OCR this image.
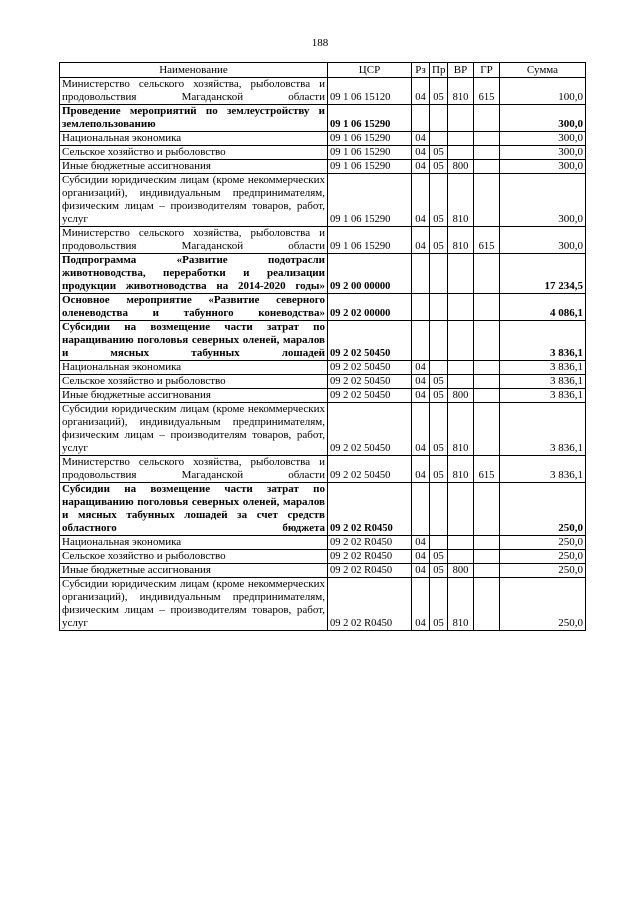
188
Наименование	ЦСР	Рз	Пр	ВР	ГР	Сумма
Министерство сельского хозяйства, рыболовства и продовольствия Магаданской области	09 1 06 15120	04	05	810	615	100,0
Проведение мероприятий по землеустройству и землепользованию	09 1 06 15290					300,0
Национальная экономика	09 1 06 15290	04				300,0
Сельское хозяйство и рыболовство	09 1 06 15290	04	05			300,0
Иные бюджетные ассигнования	09 1 06 15290	04	05	800		300,0
Субсидии юридическим лицам (кроме некоммерческих организаций), индивидуальным предпринимателям, физическим лицам – производителям товаров, работ, услуг	09 1 06 15290	04	05	810		300,0
Министерство сельского хозяйства, рыболовства и продовольствия Магаданской области	09 1 06 15290	04	05	810	615	300,0
Подпрограмма «Развитие подотрасли животноводства, переработки и реализации продукции животноводства на 2014-2020 годы»	09 2 00 00000					17 234,5
Основное мероприятие «Развитие северного оленеводства и табунного коневодства»	09 2 02 00000					4 086,1
Субсидии на возмещение части затрат по наращиванию поголовья северных оленей, маралов и мясных табунных лошадей	09 2 02 50450					3 836,1
Национальная экономика	09 2 02 50450	04				3 836,1
Сельское хозяйство и рыболовство	09 2 02 50450	04	05			3 836,1
Иные бюджетные ассигнования	09 2 02 50450	04	05	800		3 836,1
Субсидии юридическим лицам (кроме некоммерческих организаций), индивидуальным предпринимателям, физическим лицам – производителям товаров, работ, услуг	09 2 02 50450	04	05	810		3 836,1
Министерство сельского хозяйства, рыболовства и продовольствия Магаданской области	09 2 02 50450	04	05	810	615	3 836,1
Субсидии на возмещение части затрат по наращиванию поголовья северных оленей, маралов и мясных табунных лошадей за счет средств областного бюджета	09 2 02 R0450					250,0
Национальная экономика	09 2 02 R0450	04				250,0
Сельское хозяйство и рыболовство	09 2 02 R0450	04	05			250,0
Иные бюджетные ассигнования	09 2 02 R0450	04	05	800		250,0
Субсидии юридическим лицам (кроме некоммерческих организаций), индивидуальным предпринимателям, физическим лицам – производителям товаров, работ, услуг	09 2 02 R0450	04	05	810		250,0
